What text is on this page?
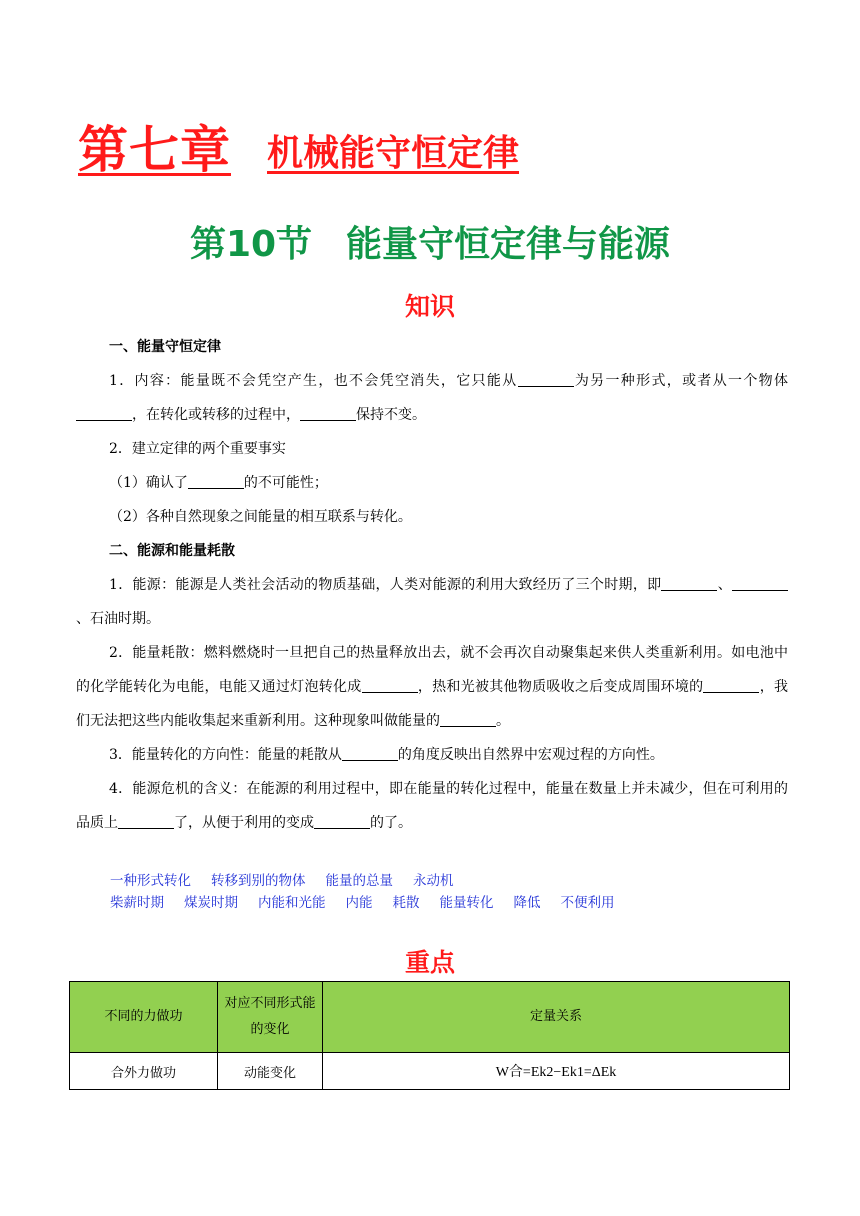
第七章 机械能守恒定律
第10节 能量守恒定律与能源
知识
一、能量守恒定律
1．内容：能量既不会凭空产生，也不会凭空消失，它只能从	为另一种形式，或者从一个物体，在转化或转移的过程中，	保持不变。
2．建立定律的两个重要事实
（1）确认了	的不可能性；
（2）各种自然现象之间能量的相互联系与转化。
二、能源和能量耗散
1．能源：能源是人类社会活动的物质基础，人类对能源的利用大致经历了三个时期，即	、、石油时期。
2．能量耗散：燃料燃烧时一旦把自己的热量释放出去，就不会再次自动聚集起来供人类重新利用。如电池中的化学能转化为电能，电能又通过灯泡转化成	，热和光被其他物质吸收之后变成周围环境的	，我们无法把这些内能收集起来重新利用。这种现象叫做能量的	。
3．能量转化的方向性：能量的耗散从	的角度反映出自然界中宏观过程的方向性。
4．能源危机的含义：在能源的利用过程中，即在能量的转化过程中，能量在数量上并未减少，但在可利用的品质上	了，从便于利用的变成	的了。
一种形式转化 转移到别的物体 能量的总量 永动机
柴薪时期 煤炭时期 内能和光能 内能 耗散 能量转化 降低 不便利用
重点
不同的力做功	对应不同形式能的变化	定量关系
合外力做功	动能变化	W合=Ek2−Ek1=ΔEk
